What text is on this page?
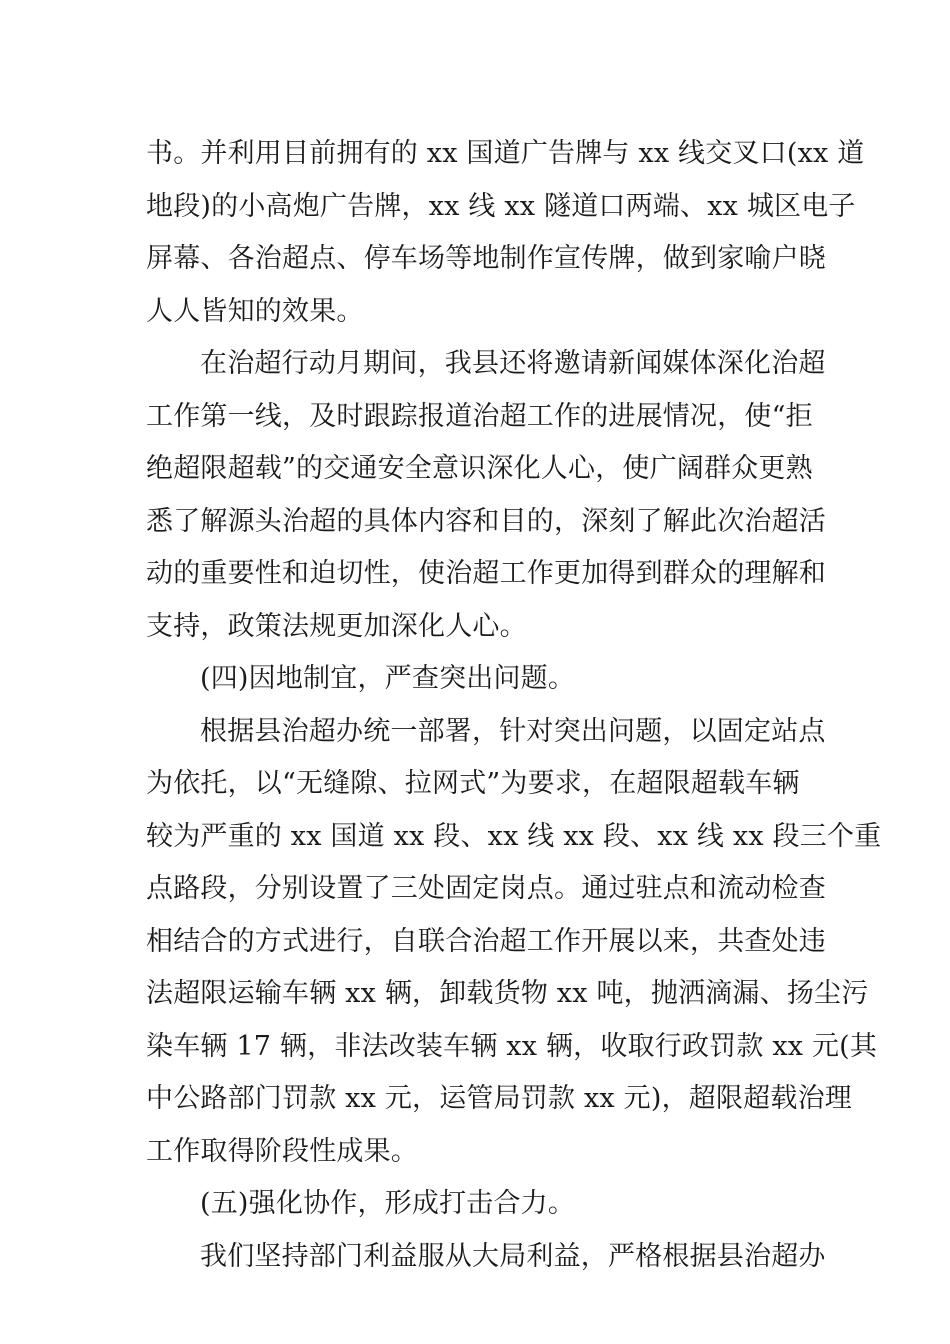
书。并利用目前拥有的 xx 国道广告牌与 xx 线交叉口(xx 道
地段)的小高炮广告牌，xx 线 xx 隧道口两端、xx 城区电子
屏幕、各治超点、停车场等地制作宣传牌，做到家喻户晓
人人皆知的效果。
在治超行动月期间，我县还将邀请新闻媒体深化治超
工作第一线，及时跟踪报道治超工作的进展情况，使“拒
绝超限超载”的交通安全意识深化人心，使广阔群众更熟
悉了解源头治超的具体内容和目的，深刻了解此次治超活
动的重要性和迫切性，使治超工作更加得到群众的理解和
支持，政策法规更加深化人心。
(四)因地制宜，严查突出问题。
根据县治超办统一部署，针对突出问题，以固定站点
为依托，以“无缝隙、拉网式”为要求，在超限超载车辆
较为严重的 xx 国道 xx 段、xx 线 xx 段、xx 线 xx 段三个重
点路段，分别设置了三处固定岗点。通过驻点和流动检查
相结合的方式进行，自联合治超工作开展以来，共查处违
法超限运输车辆 xx 辆，卸载货物 xx 吨，抛洒滴漏、扬尘污
染车辆 17 辆，非法改装车辆 xx 辆，收取行政罚款 xx 元(其
中公路部门罚款 xx 元，运管局罚款 xx 元)，超限超载治理
工作取得阶段性成果。
(五)强化协作，形成打击合力。
我们坚持部门利益服从大局利益，严格根据县治超办
